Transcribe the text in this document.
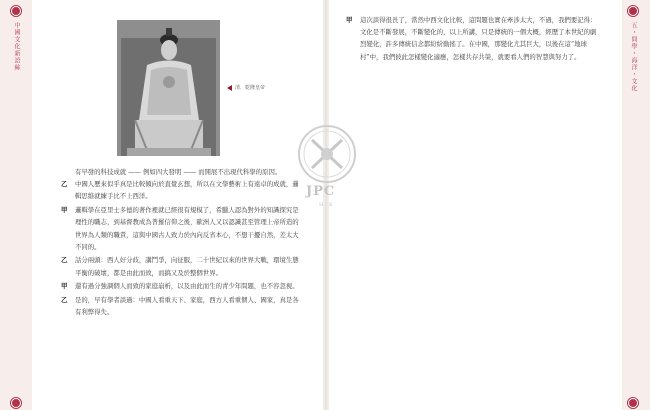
中國文化新語絲	五・問學・海洋・文化
清．乾隆皇帝
有早發的科技成就 —— 例如四大發明 —— 而開展不出現代科學的原因。
乙	中國人歷來似乎真是比較傾向於直覺玄想，所以在文學藝術上有遠卓的成就，邏輯思維就練手比不上西洋。
甲	邏輯學在亞里士多德的著作裡就已經很有規模了，希臘人認為對外的知識探究是理性的職志，到基督教成為普羅信仰之後，歐洲人又以認識甚至管理上帝所造的世界為人類的職責，這與中國古人致力於內向反省本心，不想干擾自然，差太大不同的。
乙	話分兩頭：西人好分歧，講鬥爭，向征服，二十世紀以來的世界大戰，環境生態平衡的破壞，都是由此而致，而搞又及於整個世界。
甲	還有過分強調個人而致的家庭崩析，以及由此而生的青少年問題，也不容忽視。
乙	是的，早有學者談過：中國人看重天下、家庭，西方人看重個人、國家，真是各有利弊得失。
甲	這次談得很長了，當然中西文化比較，這問題也實在牽涉太大，不過，我們要記得：文化是不斷發展，不斷變化的，以上所講，只是傳統的一個大概，經歷了本世紀的劇烈變化，許多傳統信念都紛紛動搖了。在中國，那變化尤其巨大，以後在這“地球村”中，我們彼此怎樣變化適應，怎樣共存共榮，就要看人們的智慧與努力了。
JPC
H K
